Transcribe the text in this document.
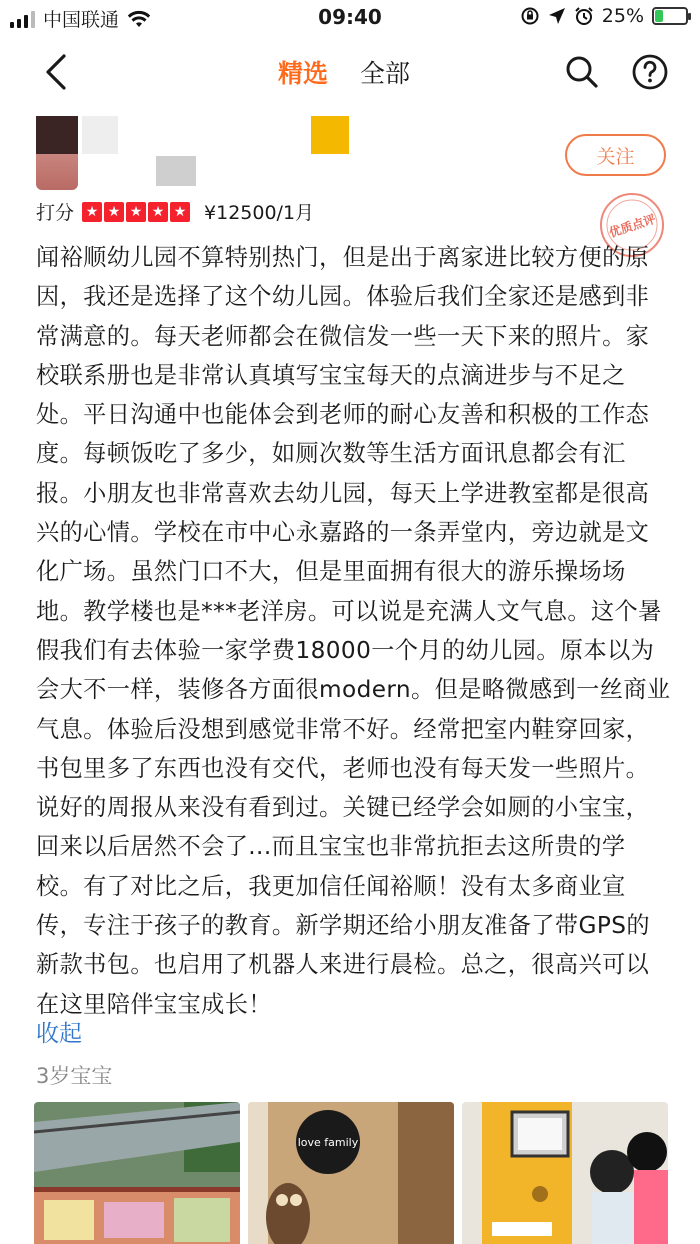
中国联通	09:40	25%
精选 全部
关注
优质点评
打分 ★ ★ ★ ★ ★ ¥12500/1月
闻裕顺幼儿园不算特别热门，但是出于离家进比较方便的原因，我还是选择了这个幼儿园。体验后我们全家还是感到非常满意的。每天老师都会在微信发一些一天下来的照片。家校联系册也是非常认真填写宝宝每天的点滴进步与不足之处。平日沟通中也能体会到老师的耐心友善和积极的工作态度。每顿饭吃了多少，如厕次数等生活方面讯息都会有汇报。小朋友也非常喜欢去幼儿园，每天上学进教室都是很高兴的心情。学校在市中心永嘉路的一条弄堂内，旁边就是文化广场。虽然门口不大，但是里面拥有很大的游乐操场场地。教学楼也是***老洋房。可以说是充满人文气息。这个暑假我们有去体验一家学费18000一个月的幼儿园。原本以为会大不一样，装修各方面很modern。但是略微感到一丝商业气息。体验后没想到感觉非常不好。经常把室内鞋穿回家，书包里多了东西也没有交代，老师也没有每天发一些照片。说好的周报从来没有看到过。关键已经学会如厕的小宝宝，回来以后居然不会了...而且宝宝也非常抗拒去这所贵的学校。有了对比之后，我更加信任闻裕顺！没有太多商业宣传，专注于孩子的教育。新学期还给小朋友准备了带GPS的新款书包。也启用了机器人来进行晨检。总之，很高兴可以在这里陪伴宝宝成长！
收起
3岁宝宝
love family
